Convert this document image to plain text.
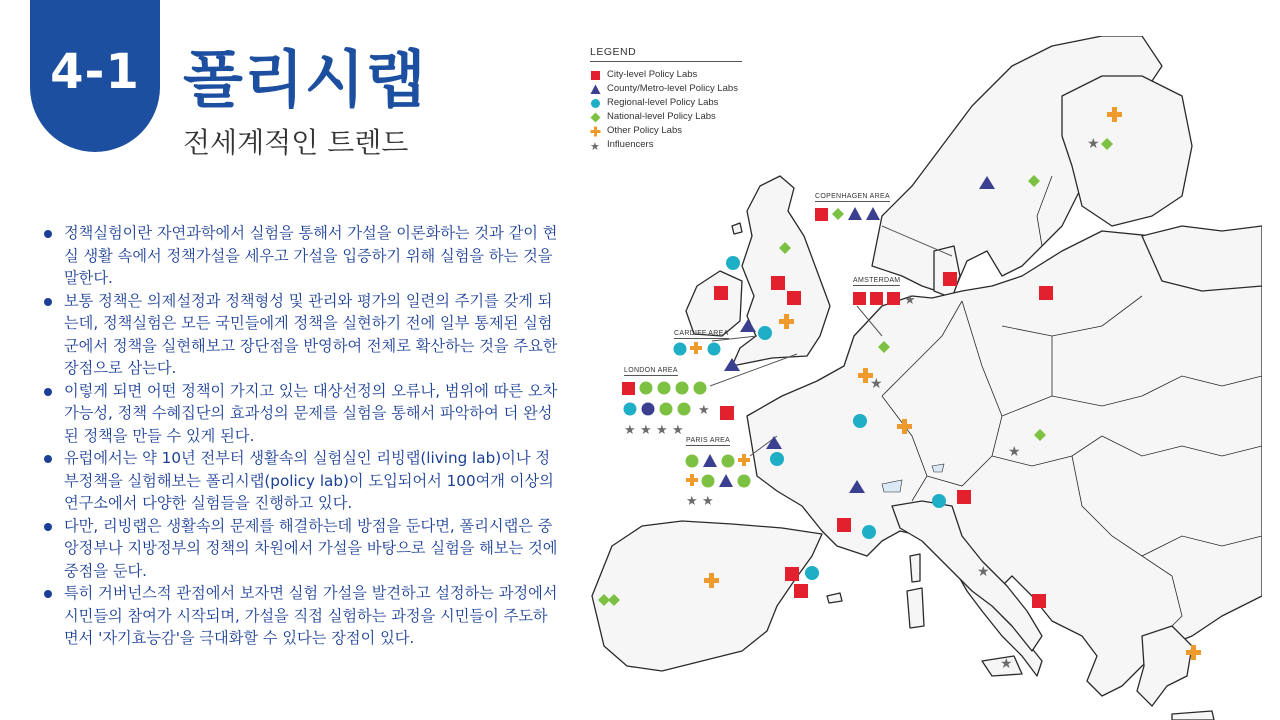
4-1 폴리시랩
전세계적인 트렌드
정책실험이란 자연과학에서 실험을 통해서 가설을 이론화하는 것과 같이 현실 생활 속에서 정책가설을 세우고 가설을 입증하기 위해 실험을 하는 것을 말한다.
보통 정책은 의제설정과 정책형성 및 관리와 평가의 일련의 주기를 갖게 되는데, 정책실험은 모든 국민들에게 정책을 실현하기 전에 일부 통제된 실험군에서 정책을 실현해보고 장단점을 반영하여 전체로 확산하는 것을 주요한 장점으로 삼는다.
이렇게 되면 어떤 정책이 가지고 있는 대상선정의 오류나, 범위에 따른 오차 가능성, 정책 수혜집단의 효과성의 문제를 실험을 통해서 파악하여 더 완성된 정책을 만들 수 있게 된다.
유럽에서는 약 10년 전부터 생활속의 실험실인 리빙랩(living lab)이나 정부정책을 실험해보는 폴리시랩(policy lab)이 도입되어서 100여개 이상의 연구소에서 다양한 실험들을 진행하고 있다.
다만, 리빙랩은 생활속의 문제를 해결하는데 방점을 둔다면, 폴리시랩은 중앙정부나 지방정부의 정책의 차원에서 가설을 바탕으로 실험을 해보는 것에 중점을 둔다.
특히 거버넌스적 관점에서 보자면 실험 가설을 발견하고 설정하는 과정에서 시민들의 참여가 시작되며, 가설을 직접 실험하는 과정을 시민들이 주도하면서 '자기효능감'을 극대화할 수 있다는 장점이 있다.
★
★
★
★
★
★
★
★ ★ ★ ★
★ ★
LEGEND
City-level Policy Labs
County/Metro-level Policy Labs
Regional-level Policy Labs
National-level Policy Labs
Other Policy Labs
★ Influencers
COPENHAGEN AREA
AMSTERDAM
CARDIFF AREA
LONDON AREA
PARIS AREA
